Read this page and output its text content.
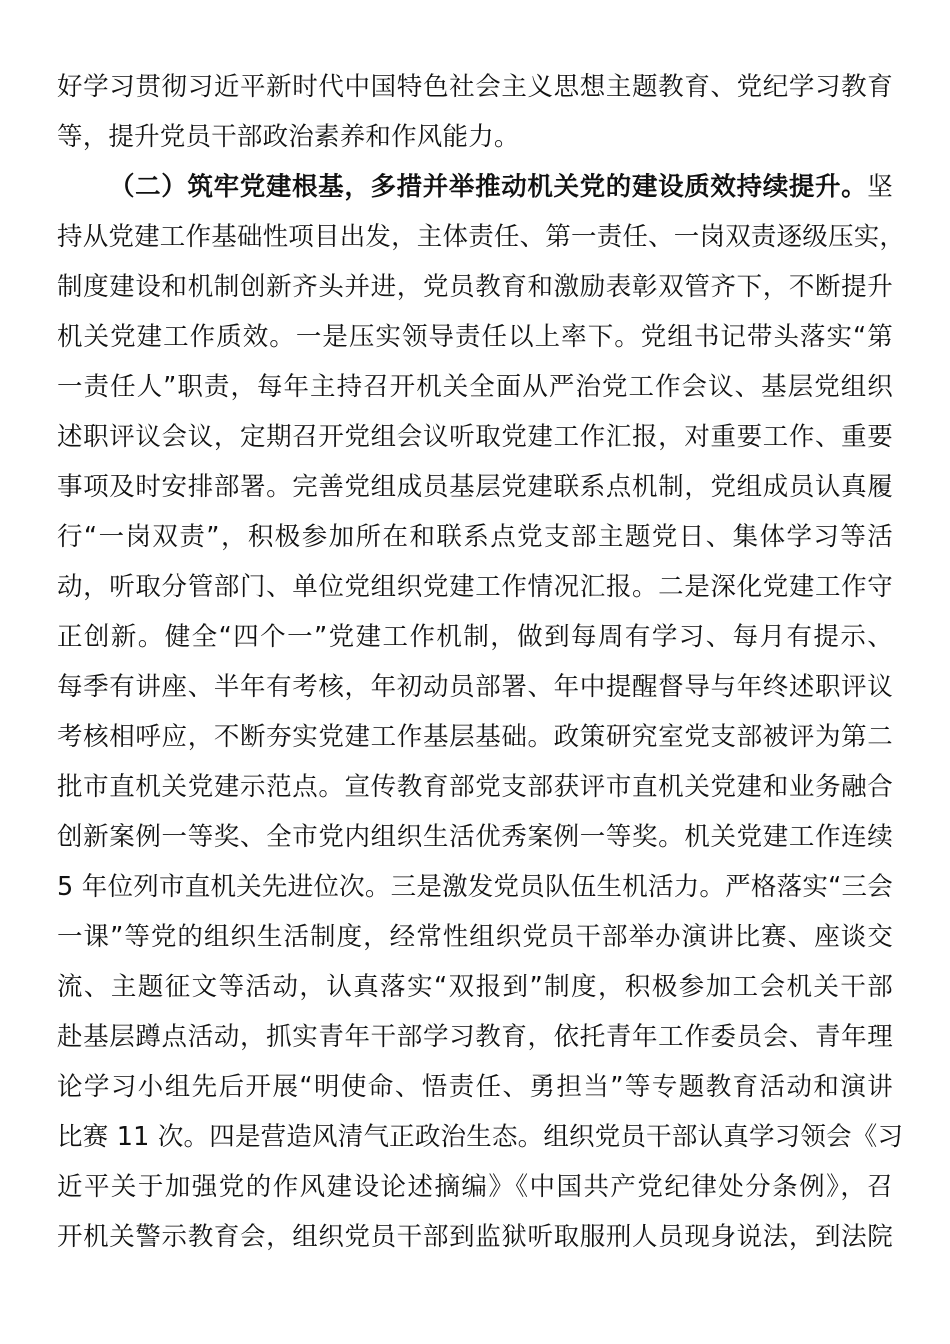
好学习贯彻习近平新时代中国特色社会主义思想主题教育、党纪学习教育
等，提升党员干部政治素养和作风能力。
（二）筑牢党建根基，多措并举推动机关党的建设质效持续提升。坚
持从党建工作基础性项目出发，主体责任、第一责任、一岗双责逐级压实，
制度建设和机制创新齐头并进，党员教育和激励表彰双管齐下，不断提升
机关党建工作质效。一是压实领导责任以上率下。党组书记带头落实“第
一责任人”职责，每年主持召开机关全面从严治党工作会议、基层党组织
述职评议会议，定期召开党组会议听取党建工作汇报，对重要工作、重要
事项及时安排部署。完善党组成员基层党建联系点机制，党组成员认真履
行“一岗双责”，积极参加所在和联系点党支部主题党日、集体学习等活
动，听取分管部门、单位党组织党建工作情况汇报。二是深化党建工作守
正创新。健全“四个一”党建工作机制，做到每周有学习、每月有提示、
每季有讲座、半年有考核，年初动员部署、年中提醒督导与年终述职评议
考核相呼应，不断夯实党建工作基层基础。政策研究室党支部被评为第二
批市直机关党建示范点。宣传教育部党支部获评市直机关党建和业务融合
创新案例一等奖、全市党内组织生活优秀案例一等奖。机关党建工作连续
5 年位列市直机关先进位次。三是激发党员队伍生机活力。严格落实“三会
一课”等党的组织生活制度，经常性组织党员干部举办演讲比赛、座谈交
流、主题征文等活动，认真落实“双报到”制度，积极参加工会机关干部
赴基层蹲点活动，抓实青年干部学习教育，依托青年工作委员会、青年理
论学习小组先后开展“明使命、悟责任、勇担当”等专题教育活动和演讲
比赛 11 次。四是营造风清气正政治生态。组织党员干部认真学习领会《习
近平关于加强党的作风建设论述摘编》《中国共产党纪律处分条例》，召
开机关警示教育会，组织党员干部到监狱听取服刑人员现身说法，到法院
